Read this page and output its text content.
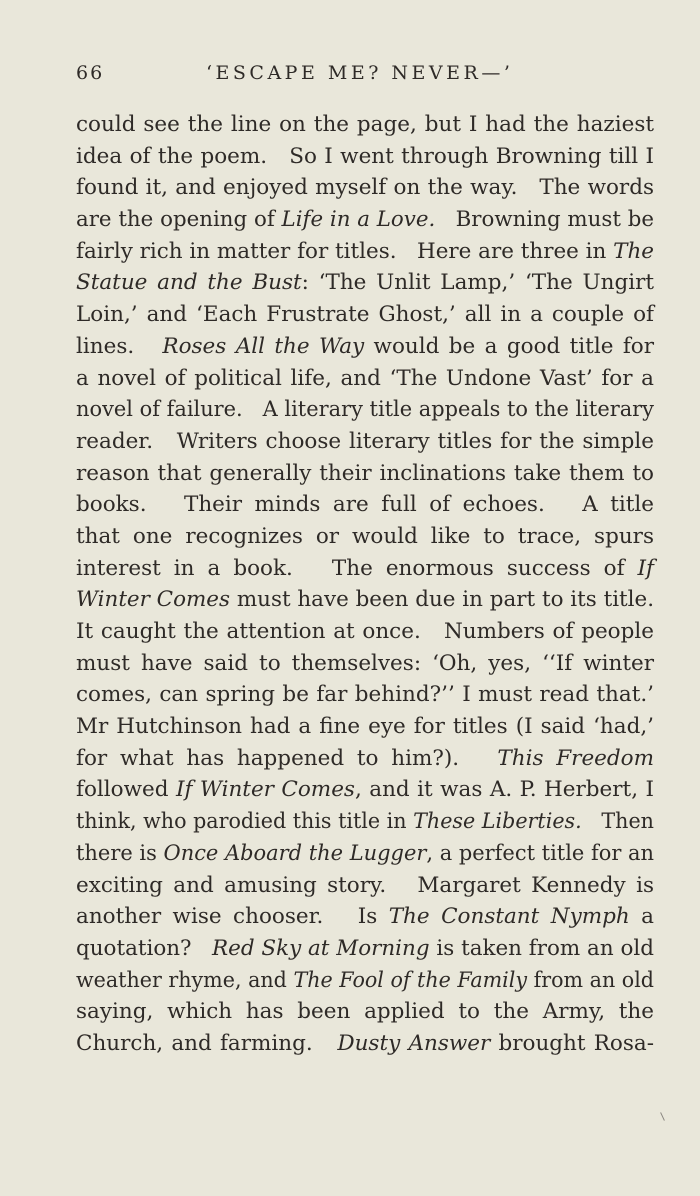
66	‘ESCAPE ME? NEVER—’
could see the line on the page, but I had the haziest
idea of the poem.   So I went through Browning till I
found it, and enjoyed myself on the way.   The words
are the opening of Life in a Love.   Browning must be
fairly rich in matter for titles.   Here are three in The
Statue and the Bust: ‘The Unlit Lamp,’ ‘The Ungirt
Loin,’ and ‘Each Frustrate Ghost,’ all in a couple of
lines.   Roses All the Way would be a good title for
a novel of political life, and ‘The Undone Vast’ for a
novel of failure.   A literary title appeals to the literary
reader.   Writers choose literary titles for the simple
reason that generally their inclinations take them to
books.   Their minds are full of echoes.   A title
that one recognizes or would like to trace, spurs
interest in a book.   The enormous success of If
Winter Comes must have been due in part to its title.
It caught the attention at once.   Numbers of people
must have said to themselves: ‘Oh, yes, ‘‘If winter
comes, can spring be far behind?’’ I must read that.’
Mr Hutchinson had a fine eye for titles (I said ‘had,’
for what has happened to him?).   This Freedom
followed If Winter Comes, and it was A. P. Herbert, I
think, who parodied this title in These Liberties.   Then
there is Once Aboard the Lugger, a perfect title for an
exciting and amusing story.   Margaret Kennedy is
another wise chooser.   Is The Constant Nymph a
quotation?   Red Sky at Morning is taken from an old
weather rhyme, and The Fool of the Family from an old
saying, which has been applied to the Army, the
Church, and farming.   Dusty Answer brought Rosa-
